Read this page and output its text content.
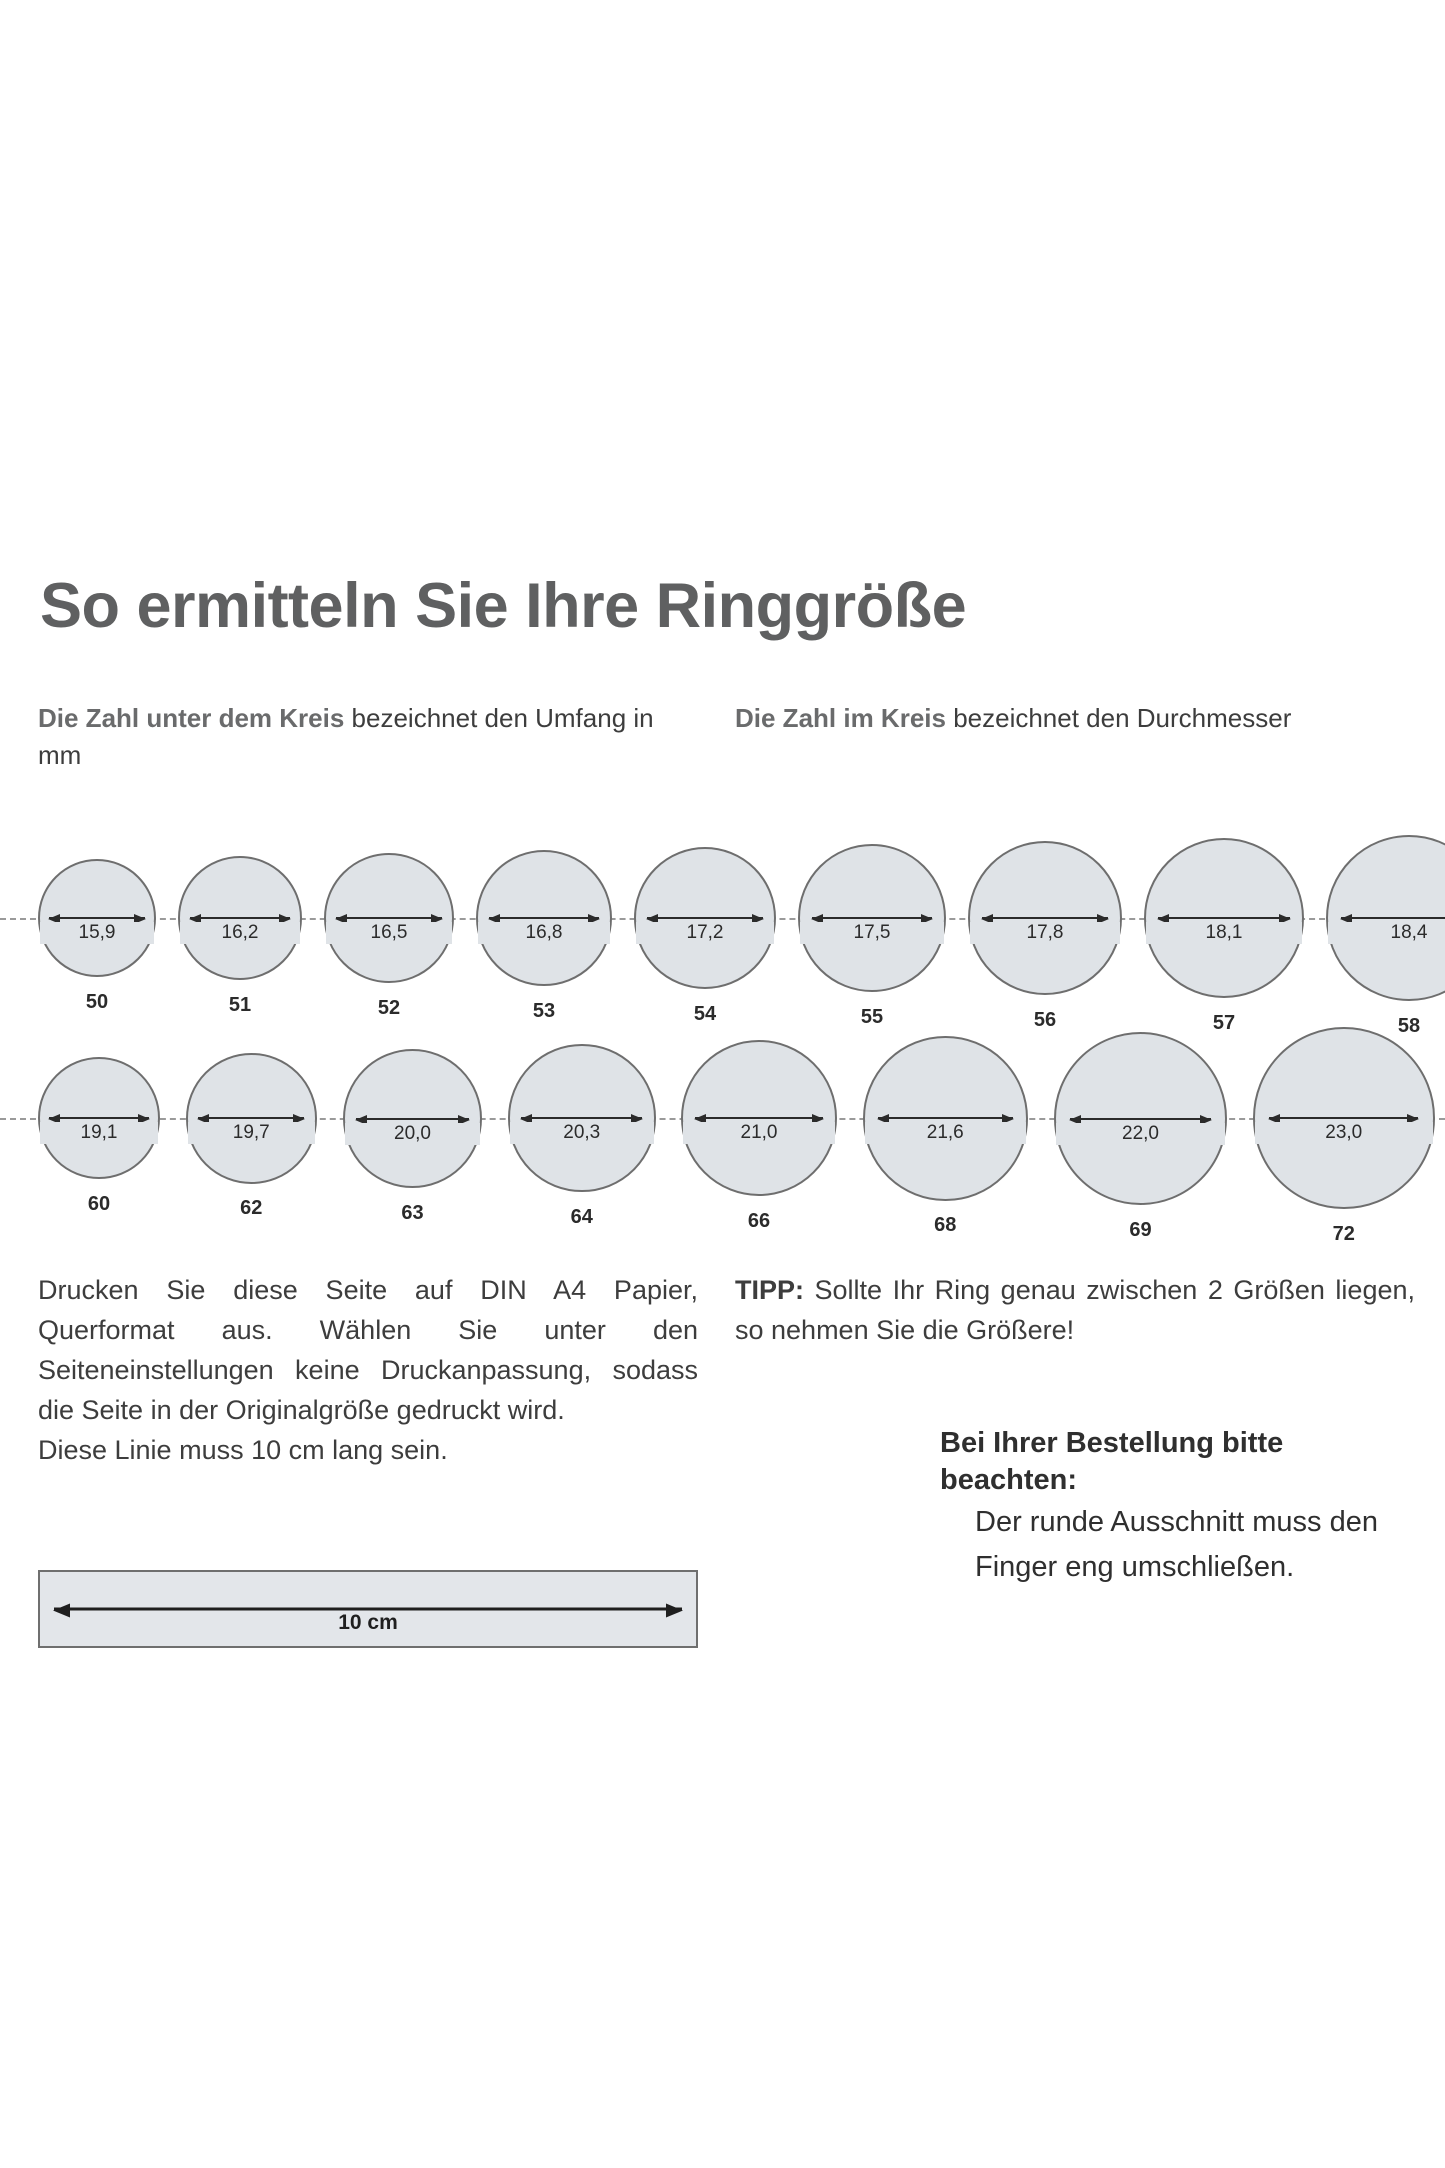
So ermitteln Sie Ihre Ringgröße
Die Zahl unter dem Kreis bezeichnet den Umfang in mm
Die Zahl im Kreis bezeichnet den Durchmesser
15,9
50
16,2
51
16,5
52
16,8
53
17,2
54
17,5
55
17,8
56
18,1
57
18,4
58
19,1
60
19,7
62
20,0
63
20,3
64
21,0
66
21,6
68
22,0
69
23,0
72
Drucken Sie diese Seite auf DIN A4 Papier, Querformat aus. Wählen Sie unter den Seiteneinstellungen keine Druckanpassung, sodass die Seite in der Originalgröße gedruckt wird.
Diese Linie muss 10 cm lang sein.
10 cm
TIPP: Sollte Ihr Ring genau zwischen 2 Größen liegen, so nehmen Sie die Größere!
Bei Ihrer Bestellung bitte beachten:
Der runde Ausschnitt muss den Finger eng umschließen.
